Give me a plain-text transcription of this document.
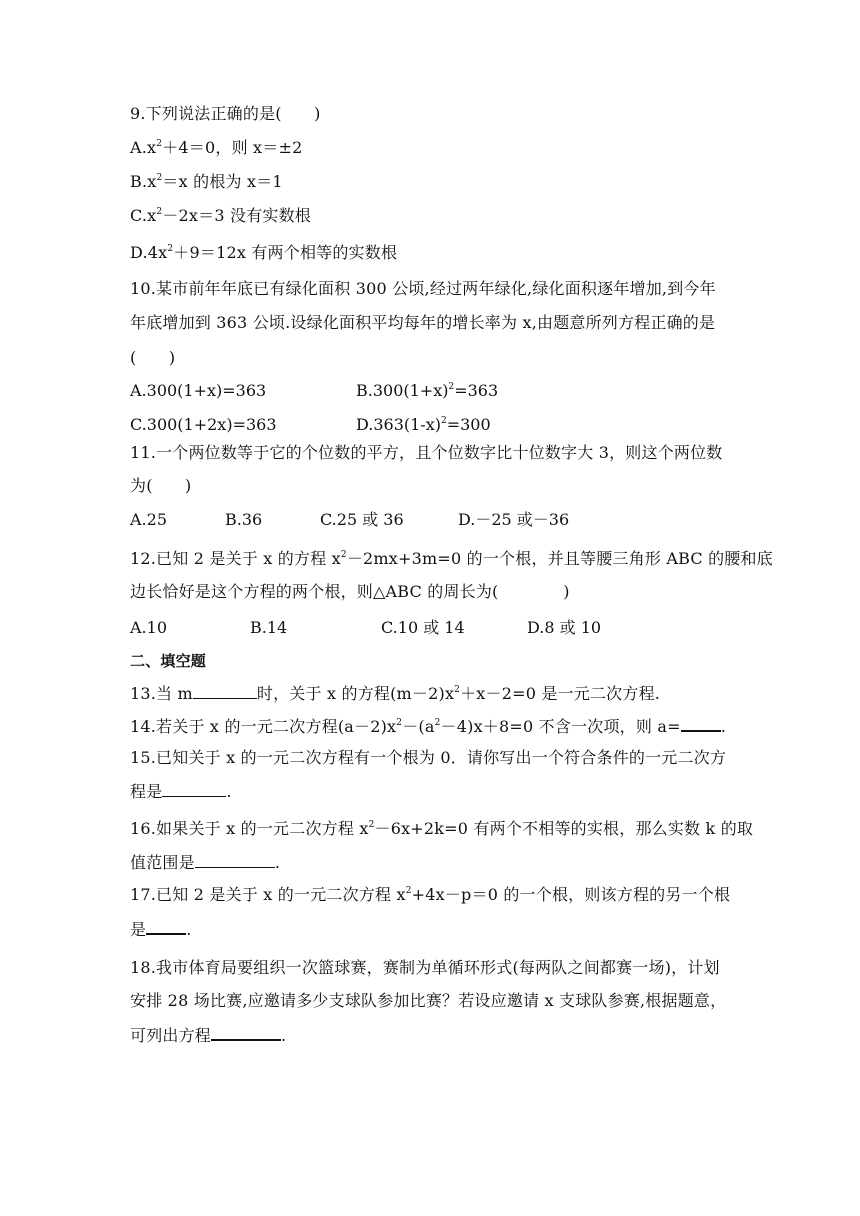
9.下列说法正确的是(　　)
$A.x^2+4=0$，则 x＝±2
$B.x^2=x$ 的根为 x＝1
$C.x^2-2x=3$ 没有实数根
$D.4x^2+9=12x$ 有两个相等的实数根
10.某市前年年底已有绿化面积 300 公顷,经过两年绿化,绿化面积逐年增加,到今年
年底增加到 363 公顷.设绿化面积平均每年的增长率为 x,由题意所列方程正确的是
(　　)
A.300(1+x)=363	$B.300(1+x)^2=363$
C.300(1+2x)=363	$D.363(1-x)^2=300$
11.一个两位数等于它的个位数的平方，且个位数字比十位数字大 3，则这个两位数
为(　　)
A.25	B.36	C.25 或 36	D.－25 或－36
12.已知 2 是关于 x 的方程 $x^2-2mx+3m=0$ 的一个根，并且等腰三角形 ABC 的腰和底
边长恰好是这个方程的两个根，则△ABC 的周长为(　　　　)
A.10	B.14	C.10 或 14	D.8 或 10
二、填空题
13.当 m	时，关于 x 的方程$(m-2)x^2+x-2=0$ 是一元二次方程.
14.若关于 x 的一元二次方程$(a-2)x^2-(a^2-4)x+8=0$ 不含一次项，则 a=	.
15.已知关于 x 的一元二次方程有一个根为 0．请你写出一个符合条件的一元二次方
程是	.
16.如果关于 x 的一元二次方程 $x^2-6x+2k=0$ 有两个不相等的实根，那么实数 k 的取
值范围是	.
17.已知 2 是关于 x 的一元二次方程 $x^2+4x-p=0$ 的一个根，则该方程的另一个根
是	.
18.我市体育局要组织一次篮球赛，赛制为单循环形式(每两队之间都赛一场)，计划
安排 28 场比赛,应邀请多少支球队参加比赛？若设应邀请 x 支球队参赛,根据题意，
可列出方程	.
